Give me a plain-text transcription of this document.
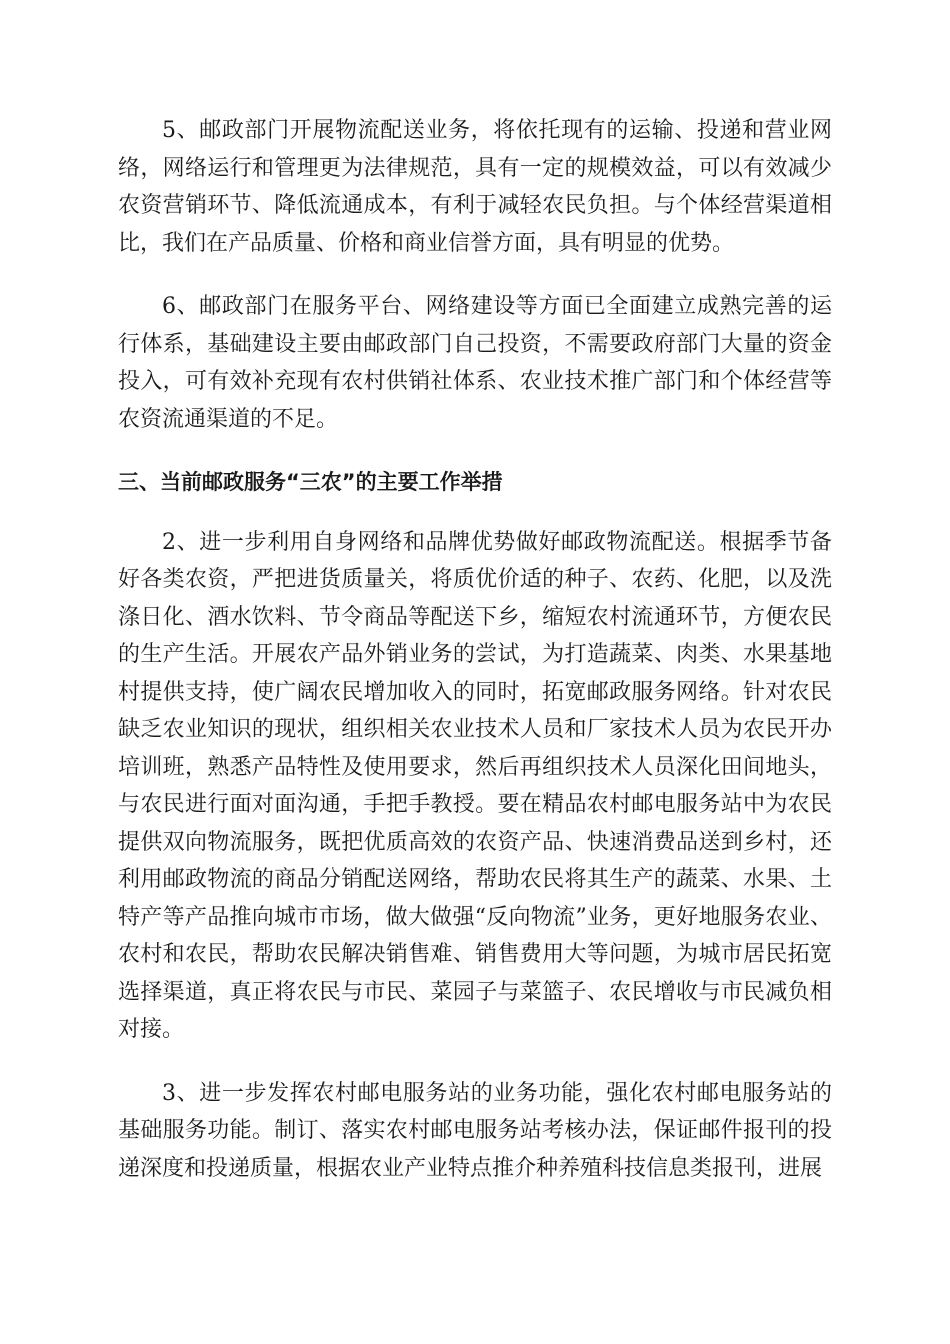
5、邮政部门开展物流配送业务，将依托现有的运输、投递和营业网络，网络运行和管理更为法律规范，具有一定的规模效益，可以有效减少农资营销环节、降低流通成本，有利于减轻农民负担。与个体经营渠道相比，我们在产品质量、价格和商业信誉方面，具有明显的优势。

6、邮政部门在服务平台、网络建设等方面已全面建立成熟完善的运行体系，基础建设主要由邮政部门自己投资，不需要政府部门大量的资金投入，可有效补充现有农村供销社体系、农业技术推广部门和个体经营等农资流通渠道的不足。

三、当前邮政服务“三农”的主要工作举措

2、进一步利用自身网络和品牌优势做好邮政物流配送。根据季节备好各类农资，严把进货质量关，将质优价适的种子、农药、化肥，以及洗涤日化、酒水饮料、节令商品等配送下乡，缩短农村流通环节，方便农民的生产生活。开展农产品外销业务的尝试，为打造蔬菜、肉类、水果基地村提供支持，使广阔农民增加收入的同时，拓宽邮政服务网络。针对农民缺乏农业知识的现状，组织相关农业技术人员和厂家技术人员为农民开办培训班，熟悉产品特性及使用要求，然后再组织技术人员深化田间地头，与农民进行面对面沟通，手把手教授。要在精品农村邮电服务站中为农民提供双向物流服务，既把优质高效的农资产品、快速消费品送到乡村，还利用邮政物流的商品分销配送网络，帮助农民将其生产的蔬菜、水果、土特产等产品推向城市市场，做大做强“反向物流”业务，更好地服务农业、农村和农民，帮助农民解决销售难、销售费用大等问题，为城市居民拓宽选择渠道，真正将农民与市民、菜园子与菜篮子、农民增收与市民减负相对接。

3、进一步发挥农村邮电服务站的业务功能，强化农村邮电服务站的基础服务功能。制订、落实农村邮电服务站考核办法，保证邮件报刊的投递深度和投递质量，根据农业产业特点推介种养殖科技信息类报刊，进展
